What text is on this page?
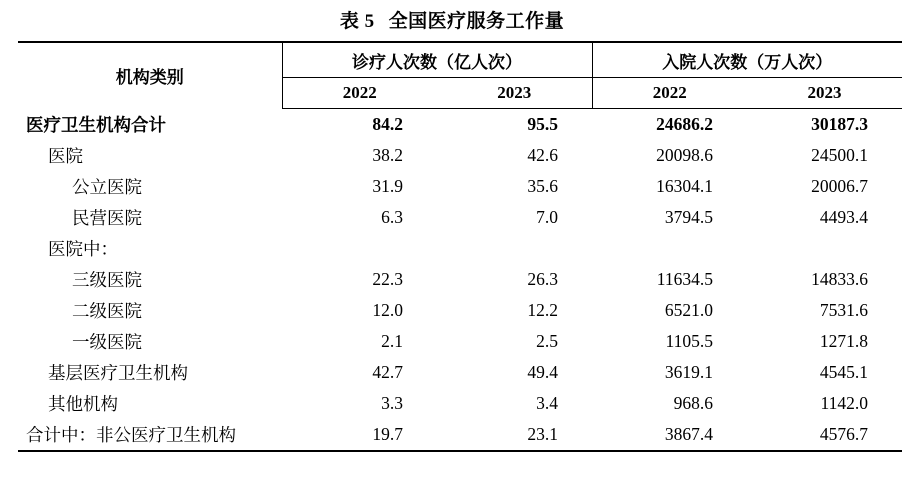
表 5 全国医疗服务工作量
机构类别	诊疗人次数（亿人次）		入院人次数（万人次）	
	2022	2023	2022	2023
医疗卫生机构合计	84.2	95.5	24686.2	30187.3
医院	38.2	42.6	20098.6	24500.1
公立医院	31.9	35.6	16304.1	20006.7
民营医院	6.3	7.0	3794.5	4493.4
医院中：				
三级医院	22.3	26.3	11634.5	14833.6
二级医院	12.0	12.2	6521.0	7531.6
一级医院	2.1	2.5	1105.5	1271.8
基层医疗卫生机构	42.7	49.4	3619.1	4545.1
其他机构	3.3	3.4	968.6	1142.0
合计中：非公医疗卫生机构	19.7	23.1	3867.4	4576.7
